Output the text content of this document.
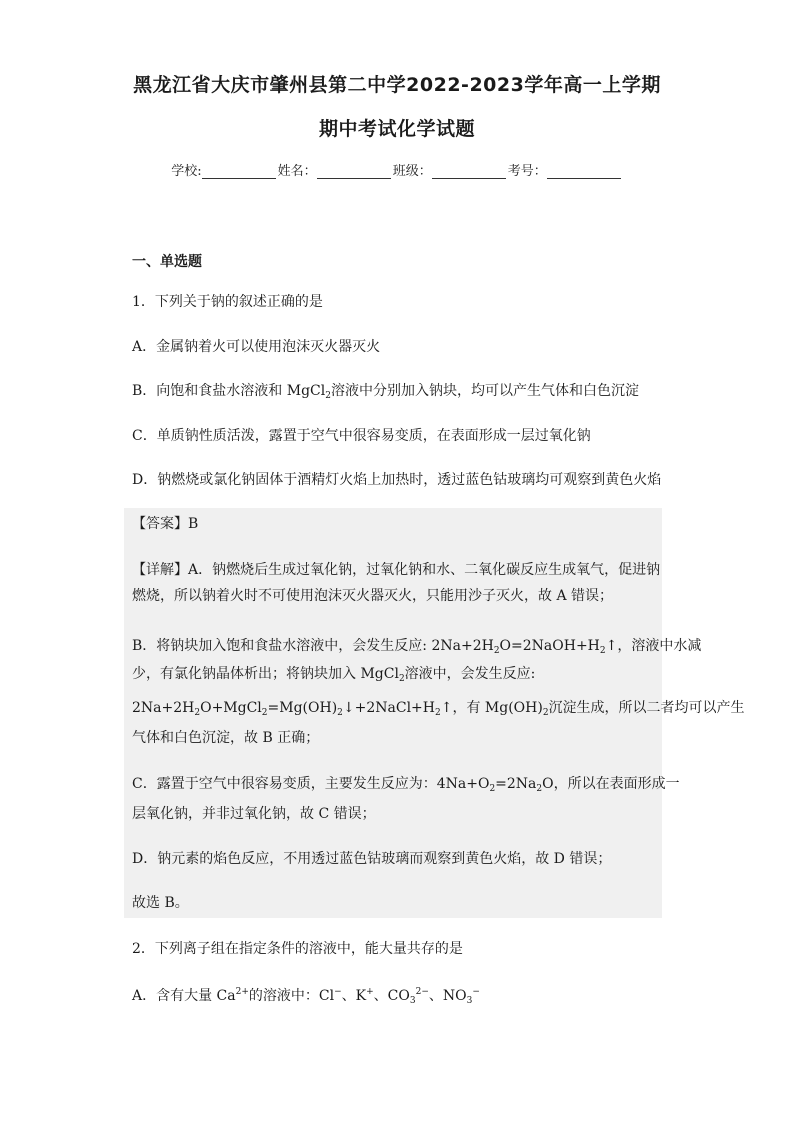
黑龙江省大庆市肇州县第二中学2022-2023学年高一上学期
期中考试化学试题
学校:	姓名：	班级：	考号：
一、单选题
1．下列关于钠的叙述正确的是
A．金属钠着火可以使用泡沫灭火器灭火
B．向饱和食盐水溶液和 MgCl$_2$溶液中分别加入钠块，均可以产生气体和白色沉淀
C．单质钠性质活泼，露置于空气中很容易变质，在表面形成一层过氧化钠
D．钠燃烧或氯化钠固体于酒精灯火焰上加热时，透过蓝色钴玻璃均可观察到黄色火焰
【答案】B
【详解】A．钠燃烧后生成过氧化钠，过氧化钠和水、二氧化碳反应生成氧气，促进钠
燃烧，所以钠着火时不可使用泡沫灭火器灭火，只能用沙子灭火，故 A 错误；
B．将钠块加入饱和食盐水溶液中，会发生反应: $2Na+2H_2O=2NaOH+H_2↑$，溶液中水减
少，有氯化钠晶体析出；将钠块加入 MgCl$_2$溶液中，会发生反应:
$2Na+2H_2O+MgCl_2=Mg(OH)_2↓+2NaCl+H_2↑$，有 $Mg(OH)_2$沉淀生成，所以二者均可以产生
气体和白色沉淀，故 B 正确；
C．露置于空气中很容易变质，主要发生反应为：$4Na+O_2=2Na_2O$，所以在表面形成一
层氧化钠，并非过氧化钠，故 C 错误；
D．钠元素的焰色反应，不用透过蓝色钴玻璃而观察到黄色火焰，故 D 错误；
故选 B。
2．下列离子组在指定条件的溶液中，能大量共存的是
A．含有大量 $Ca^{2+}$的溶液中：Cl−、K+、$CO_3^{2-}$、$NO_3^-$
